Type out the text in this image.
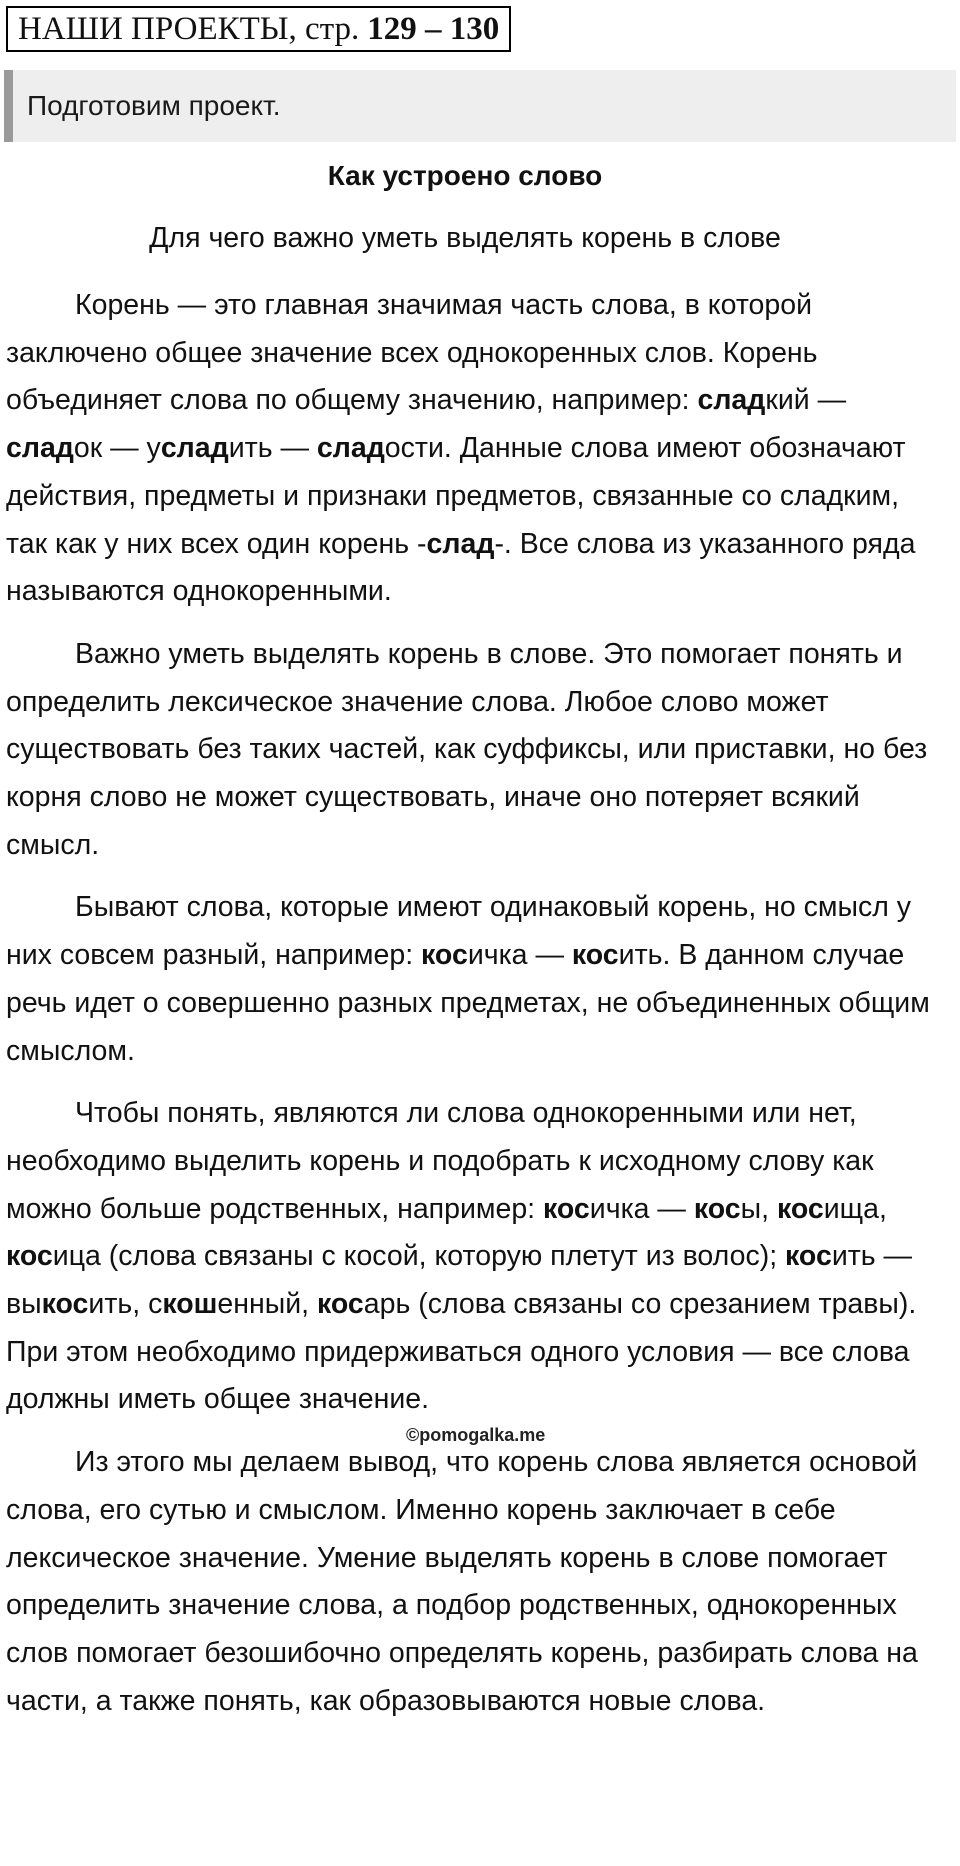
НАШИ ПРОЕКТЫ, стр. 129 – 130
Подготовим проект.
Как устроено слово
Для чего важно уметь выделять корень в слове

Корень — это главная значимая часть слова, в которой заключено общее значение всех однокоренных слов. Корень объединяет слова по общему значению, например: сладкий — сладок — усладить — сладости. Данные слова имеют обозначают действия, предметы и признаки предметов, связанные со сладким, так как у них всех один корень -слад-. Все слова из указанного ряда называются однокоренными.

Важно уметь выделять корень в слове. Это помогает понять и определить лексическое значение слова. Любое слово может существовать без таких частей, как суффиксы, или приставки, но без корня слово не может существовать, иначе оно потеряет всякий смысл.

Бывают слова, которые имеют одинаковый корень, но смысл у них совсем разный, например: косичка — косить. В данном случае речь идет о совершенно разных предметах, не объединенных общим смыслом.

Чтобы понять, являются ли слова однокоренными или нет, необходимо выделить корень и подобрать к исходному слову как можно больше родственных, например: косичка — косы, косища, косица (слова связаны с косой, которую плетут из волос); косить — выкосить, скошенный, косарь (слова связаны со срезанием травы). При этом необходимо придерживаться одного условия — все слова должны иметь общее значение.

Из этого мы делаем вывод, что корень слова является основой слова, его сутью и смыслом. Именно корень заключает в себе лексическое значение. Умение выделять корень в слове помогает определить значение слова, а подбор родственных, однокоренных слов помогает безошибочно определять корень, разбирать слова на части, а также понять, как образовываются новые слова.

©pomogalka.me
